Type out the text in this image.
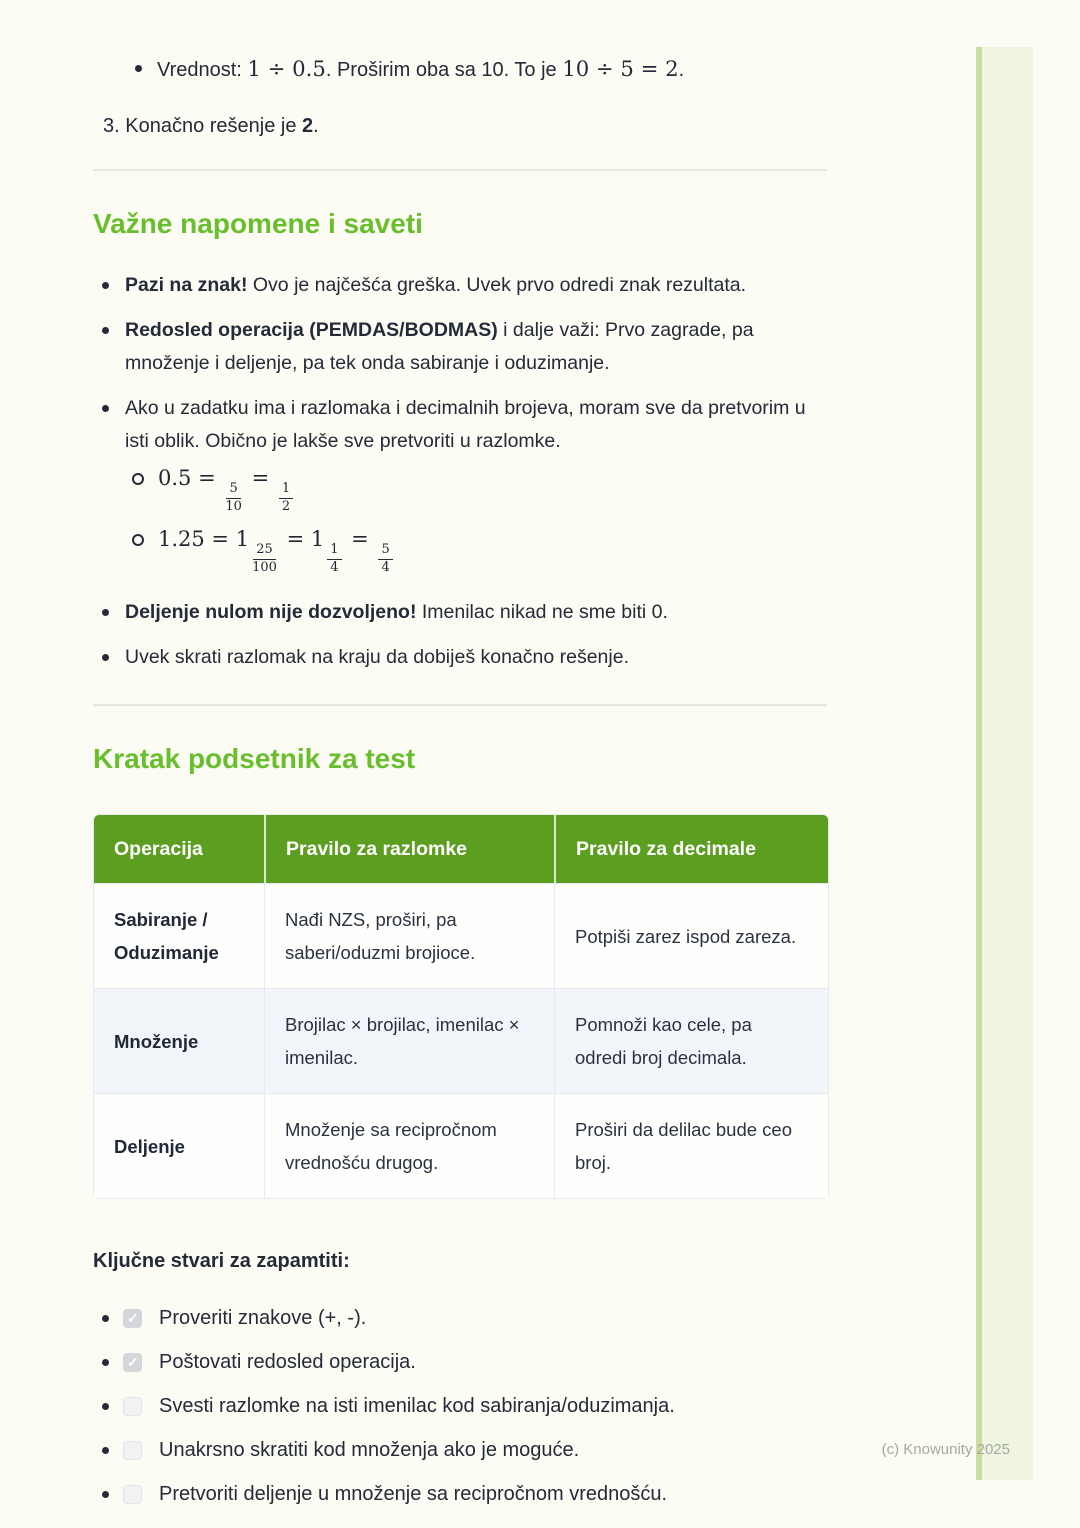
Vrednost: 1 ÷ 0.5. Proširim oba sa 10. To je 10 ÷ 5 = 2.

3. Konačno rešenje je 2.

Važne napomene i saveti
Pazi na znak! Ovo je najčešća greška. Uvek prvo odredi znak rezultata.
Redosled operacija (PEMDAS/BODMAS) i dalje važi: Prvo zagrade, pa množenje i deljenje, pa tek onda sabiranje i oduzimanje.
Ako u zadatku ima i razlomaka i decimalnih brojeva, moram sve da pretvorim u isti oblik. Obično je lakše sve pretvoriti u razlomke.
0.5 =
$\frac{5}{10}$
=
$\frac{1}{2}$
1.25 = 1
$\frac{25}{100}$
= 1
$\frac{1}{4}$
=
$\frac{5}{4}$
Deljenje nulom nije dozvoljeno! Imenilac nikad ne sme biti 0.
Uvek skrati razlomak na kraju da dobiješ konačno rešenje.
Kratak podsetnik za test
Operacija	Pravilo za razlomke	Pravilo za decimale
Sabiranje / Oduzimanje	Nađi NZS, proširi, pa saberi/oduzmi brojioce.	Potpiši zarez ispod zareza.
Množenje	Brojilac × brojilac, imenilac × imenilac.	Pomnoži kao cele, pa odredi broj decimala.
Deljenje	Množenje sa recipročnom vrednošću drugog.	Proširi da delilac bude ceo broj.
Ključne stvari za zapamtiti:
✓
Proveriti znakove (+, -).
✓
Poštovati redosled operacija.
Svesti razlomke na isti imenilac kod sabiranja/oduzimanja.
Unakrsno skratiti kod množenja ako je moguće.
Pretvoriti deljenje u množenje sa recipročnom vrednošću.
(c) Knowunity 2025
